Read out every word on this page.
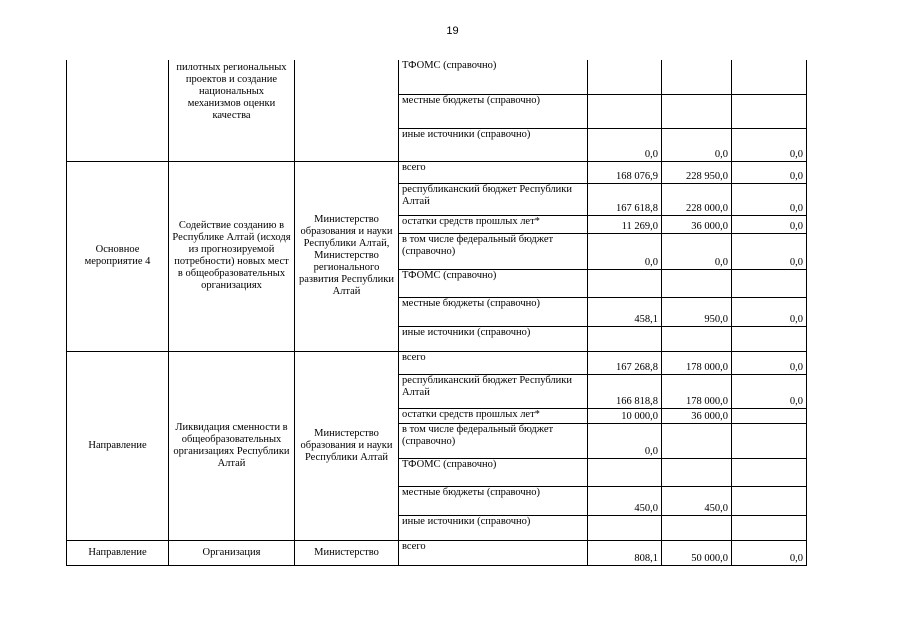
19
	пилотных региональных проектов и создание национальных механизмов оценки качества		ТФОМС (справочно)			
			местные бюджеты (справочно)			
			иные источники (справочно)	0,0	0,0	0,0
Основное мероприятие 4	Содействие созданию в Республике Алтай (исходя из прогнозируемой потребности) новых мест в общеобразовательных организациях	Министерство образования и науки Республики Алтай, Министерство регионального развития Республики Алтай	всего	168 076,9	228 950,0	0,0
			республиканский бюджет Республики Алтай	167 618,8	228 000,0	0,0
			остатки средств прошлых лет*	11 269,0	36 000,0	0,0
			в том числе федеральный бюджет (справочно)	0,0	0,0	0,0
			ТФОМС (справочно)			
			местные бюджеты (справочно)	458,1	950,0	0,0
			иные источники (справочно)			
Направление	Ликвидация сменности в общеобразовательных организациях Республики Алтай	Министерство образования и науки Республики Алтай	всего	167 268,8	178 000,0	0,0
			республиканский бюджет Республики Алтай	166 818,8	178 000,0	0,0
			остатки средств прошлых лет*	10 000,0	36 000,0	
			в том числе федеральный бюджет (справочно)	0,0		
			ТФОМС (справочно)			
			местные бюджеты (справочно)	450,0	450,0	
			иные источники (справочно)			
Направление	Организация	Министерство	всего	808,1	50 000,0	0,0
